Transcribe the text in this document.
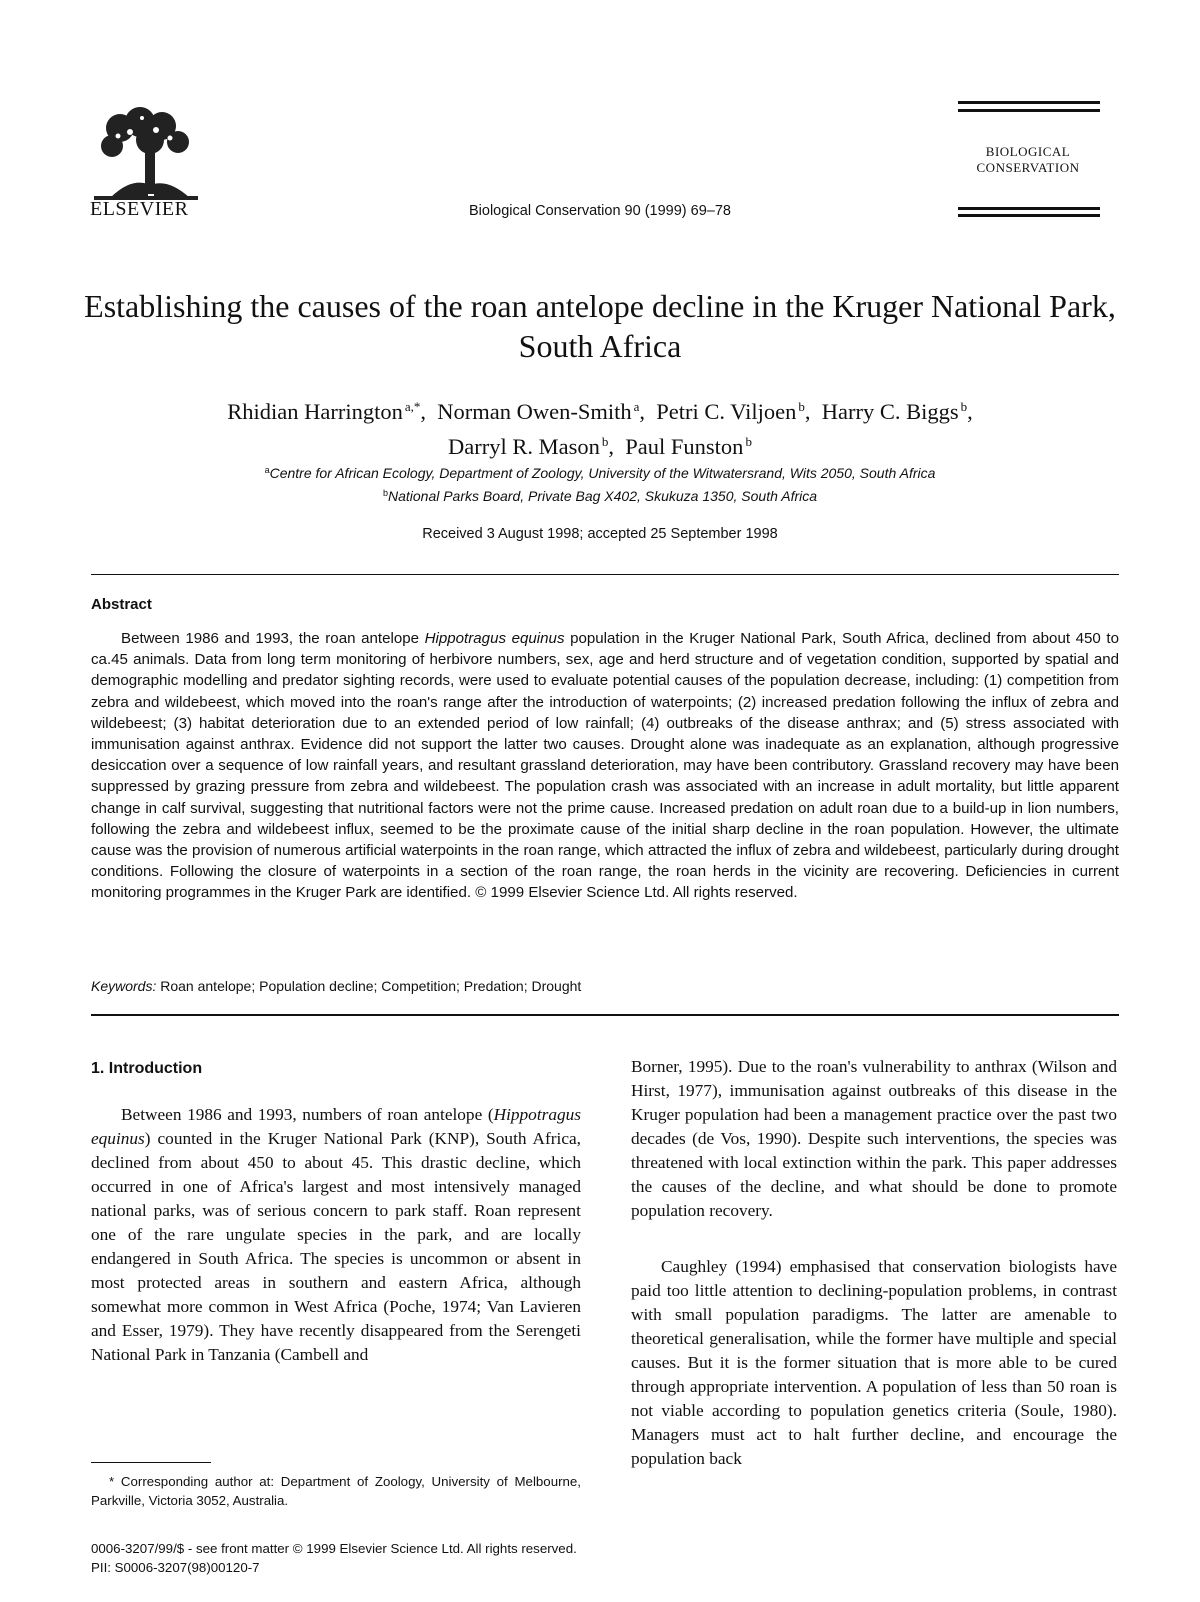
ELSEVIER	Biological Conservation 90 (1999) 69–78
BIOLOGICAL
CONSERVATION
Establishing the causes of the roan antelope decline in the Kruger National Park, South Africa
Rhidian Harrington $^{a,*}$, Norman Owen-Smith $^a$, Petri C. Viljoen $^b$, Harry C. Biggs $^b$,
Darryl R. Mason $^b$, Paul Funston $^b$
$^a$Centre for African Ecology, Department of Zoology, University of the Witwatersrand, Wits 2050, South Africa
$^b$National Parks Board, Private Bag X402, Skukuza 1350, South Africa
Received 3 August 1998; accepted 25 September 1998
Abstract
Between 1986 and 1993, the roan antelope Hippotragus equinus population in the Kruger National Park, South Africa, declined from about 450 to ca.45 animals. Data from long term monitoring of herbivore numbers, sex, age and herd structure and of vegetation condition, supported by spatial and demographic modelling and predator sighting records, were used to evaluate potential causes of the population decrease, including: (1) competition from zebra and wildebeest, which moved into the roan's range after the introduction of waterpoints; (2) increased predation following the influx of zebra and wildebeest; (3) habitat deterioration due to an extended period of low rainfall; (4) outbreaks of the disease anthrax; and (5) stress associated with immunisation against anthrax. Evidence did not support the latter two causes. Drought alone was inadequate as an explanation, although progressive desiccation over a sequence of low rainfall years, and resultant grassland deterioration, may have been contributory. Grassland recovery may have been suppressed by grazing pressure from zebra and wildebeest. The population crash was associated with an increase in adult mortality, but little apparent change in calf survival, suggesting that nutritional factors were not the prime cause. Increased predation on adult roan due to a build-up in lion numbers, following the zebra and wildebeest influx, seemed to be the proximate cause of the initial sharp decline in the roan population. However, the ultimate cause was the provision of numerous artificial waterpoints in the roan range, which attracted the influx of zebra and wildebeest, particularly during drought conditions. Following the closure of waterpoints in a section of the roan range, the roan herds in the vicinity are recovering. Deficiencies in current monitoring programmes in the Kruger Park are identified. © 1999 Elsevier Science Ltd. All rights reserved.
Keywords: Roan antelope; Population decline; Competition; Predation; Drought
1. Introduction
Between 1986 and 1993, numbers of roan antelope (Hippotragus equinus) counted in the Kruger National Park (KNP), South Africa, declined from about 450 to about 45. This drastic decline, which occurred in one of Africa's largest and most intensively managed national parks, was of serious concern to park staff. Roan represent one of the rare ungulate species in the park, and are locally endangered in South Africa. The species is uncommon or absent in most protected areas in southern and eastern Africa, although somewhat more common in West Africa (Poche, 1974; Van Lavieren and Esser, 1979). They have recently disappeared from the Serengeti National Park in Tanzania (Cambell and
Borner, 1995). Due to the roan's vulnerability to anthrax (Wilson and Hirst, 1977), immunisation against outbreaks of this disease in the Kruger population had been a management practice over the past two decades (de Vos, 1990). Despite such interventions, the species was threatened with local extinction within the park. This paper addresses the causes of the decline, and what should be done to promote population recovery.
Caughley (1994) emphasised that conservation biologists have paid too little attention to declining-population problems, in contrast with small population paradigms. The latter are amenable to theoretical generalisation, while the former have multiple and special causes. But it is the former situation that is more able to be cured through appropriate intervention. A population of less than 50 roan is not viable according to population genetics criteria (Soule, 1980). Managers must act to halt further decline, and encourage the population back
* Corresponding author at: Department of Zoology, University of Melbourne, Parkville, Victoria 3052, Australia.
0006-3207/99/$ - see front matter © 1999 Elsevier Science Ltd. All rights reserved.
PII: S0006-3207(98)00120-7
